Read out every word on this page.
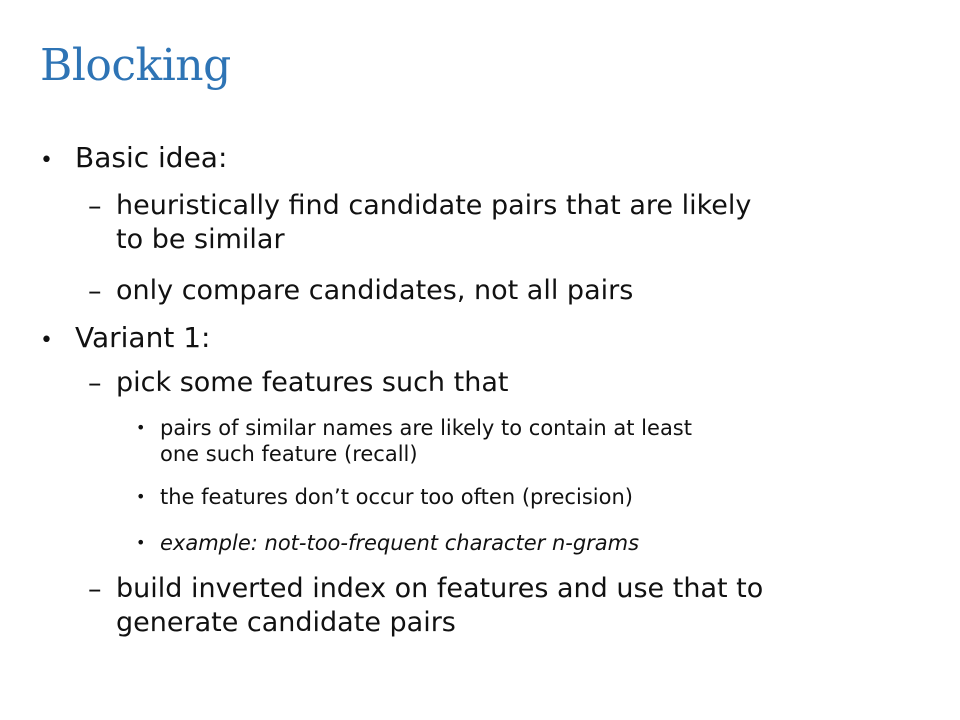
Blocking
• Basic idea:
– heuristically find candidate pairs that are likely
to be similar
– only compare candidates, not all pairs
• Variant 1:
– pick some features such that
• pairs of similar names are likely to contain at least
one such feature (recall)
• the features don’t occur too often (precision)
• example: not-too-frequent character n-grams
– build inverted index on features and use that to
generate candidate pairs
